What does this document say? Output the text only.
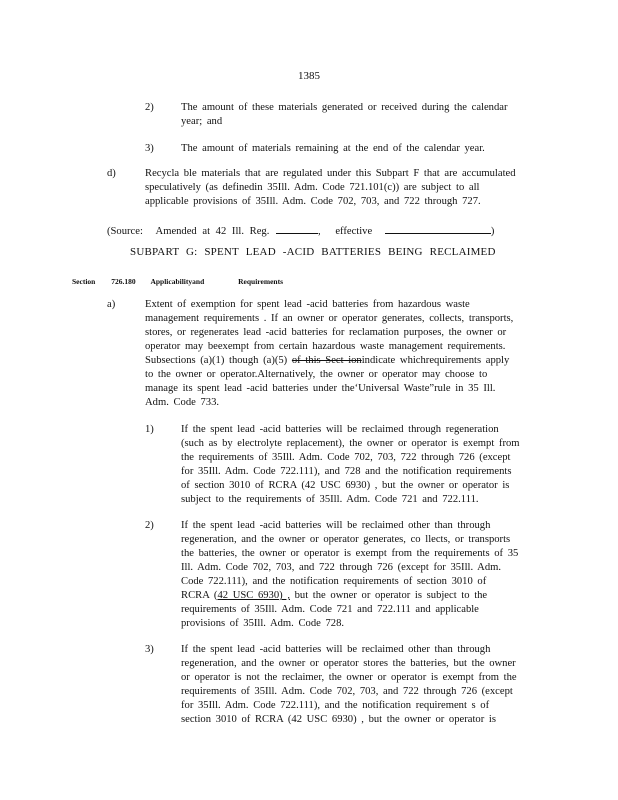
1385
2)	The amount of these materials generated or received during the calendar
year; and
3)	The amount of materials remaining at the end of the calendar year.
d)	Recycla ble materials that are regulated under this Subpart F that are accumulated
speculatively (as definedin 35Ill. Adm. Code 721.101(c)) are subject to all
applicable provisions of 35Ill. Adm. Code 702, 703, and 722 through 727.
(Source: Amended at 42 Ill. Reg.	, effective	)
SUBPART G: SPENT LEAD -ACID BATTERIES BEING RECLAIMED
Section 726.180 Applicabilityand	Requirements
a)	Extent of exemption for spent lead -acid batteries from hazardous waste
management requirements . If an owner or operator generates, collects, transports,
stores, or regenerates lead -acid batteries for reclamation purposes, the owner or
operator may beexempt from certain hazardous waste management requirements.
Subsections (a)(1) though (a)(5) of this Sect ionindicate whichrequirements apply
to the owner or operator.Alternatively, the owner or operator may choose to
manage its spent lead -acid batteries under the‘Universal Waste”rule in 35 Ill.
Adm. Code 733.
1)	If the spent lead -acid batteries will be reclaimed through regeneration
(such as by electrolyte replacement), the owner or operator is exempt from
the requirements of 35Ill. Adm. Code 702, 703, 722 through 726 (except
for 35Ill. Adm. Code 722.111), and 728 and the notification requirements
of section 3010 of RCRA (42 USC 6930) , but the owner or operator is
subject to the requirements of 35Ill. Adm. Code 721 and 722.111.
2)	If the spent lead -acid batteries will be reclaimed other than through
regeneration, and the owner or operator generates, co llects, or transports
the batteries, the owner or operator is exempt from the requirements of 35
Ill. Adm. Code 702, 703, and 722 through 726 (except for 35Ill. Adm.
Code 722.111), and the notification requirements of section 3010 of
RCRA (42 USC 6930) , but the owner or operator is subject to the
requirements of 35Ill. Adm. Code 721 and 722.111 and applicable
provisions of 35Ill. Adm. Code 728.
3)	If the spent lead -acid batteries will be reclaimed other than through
regeneration, and the owner or operator stores the batteries, but the owner
or operator is not the reclaimer, the owner or operator is exempt from the
requirements of 35Ill. Adm. Code 702, 703, and 722 through 726 (except
for 35Ill. Adm. Code 722.111), and the notification requirement s of
section 3010 of RCRA (42 USC 6930) , but the owner or operator is
